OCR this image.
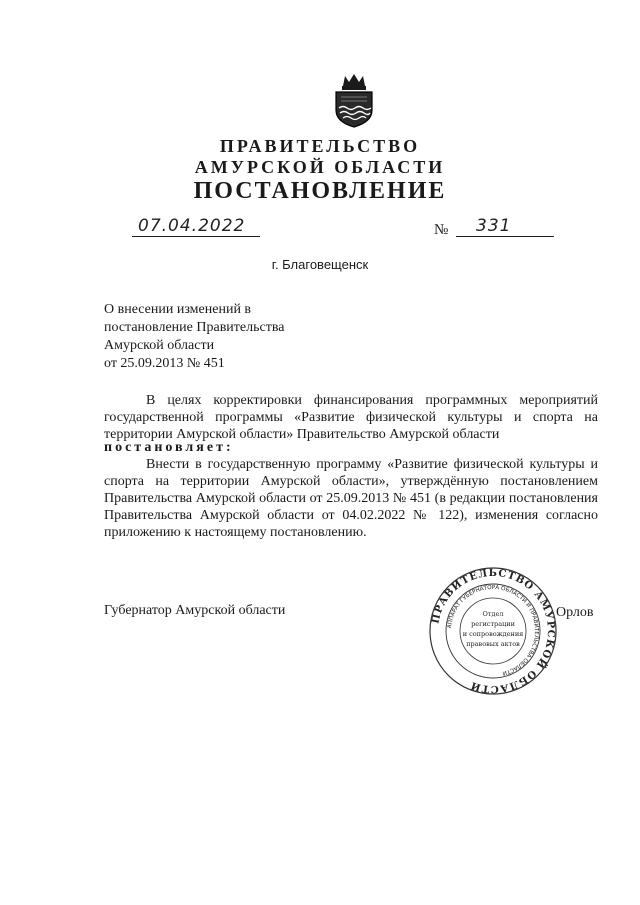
ПРАВИТЕЛЬСТВО
АМУРСКОЙ ОБЛАСТИ
ПОСТАНОВЛЕНИЕ
07.04.2022	№	331
г. Благовещенск
О внесении изменений в
постановление Правительства
Амурской области
от 25.09.2013 № 451
В целях корректировки финансирования программных мероприятий государственной программы «Развитие физической культуры и спорта на территории Амурской области» Правительство Амурской области
постановляет:
Внести в государственную программу «Развитие физической культуры и спорта на территории Амурской области», утверждённую постановлением Правительства Амурской области от 25.09.2013 № 451 (в редакции постановления Правительства Амурской области от 04.02.2022 № 122), изменения согласно приложению к настоящему постановлению.
Губернатор Амурской области	Орлов
ПРАВИТЕЛЬСТВО АМУРСКОЙ ОБЛАСТИ
АППАРАТ ГУБЕРНАТОРА ОБЛАСТИ И ПРАВИТЕЛЬСТВА ОБЛАСТИ
Отдел
регистрации
и сопровождения
правовых актов
